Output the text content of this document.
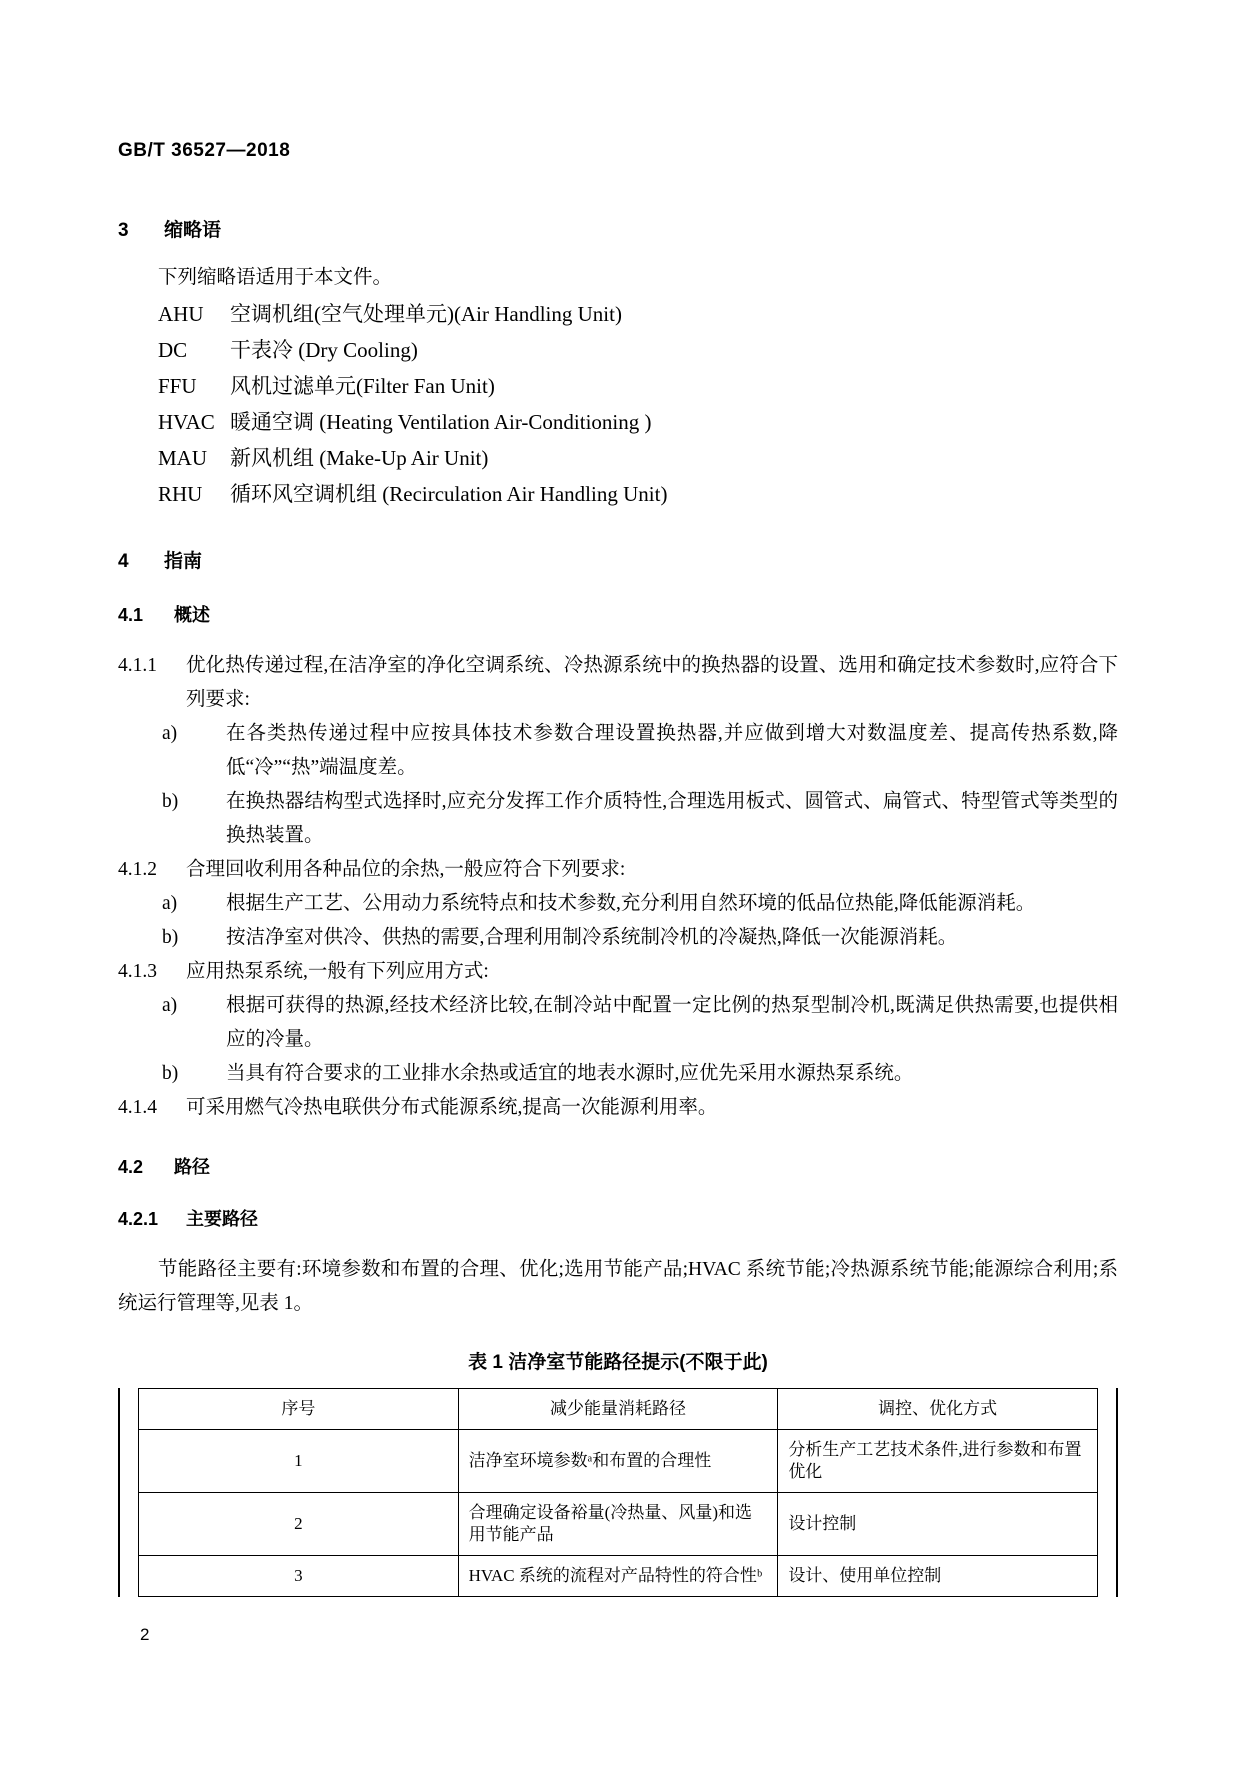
GB/T 36527—2018
3 缩略语
下列缩略语适用于本文件。
AHU 空调机组(空气处理单元)(Air Handling Unit)
DC 干表冷 (Dry Cooling)
FFU 风机过滤单元(Filter Fan Unit)
HVAC 暖通空调 (Heating Ventilation Air-Conditioning )
MAU 新风机组 (Make-Up Air Unit)
RHU 循环风空调机组 (Recirculation Air Handling Unit)
4 指南
4.1 概述
4.1.1	优化热传递过程,在洁净室的净化空调系统、冷热源系统中的换热器的设置、选用和确定技术参数时,应符合下列要求:
a)	在各类热传递过程中应按具体技术参数合理设置换热器,并应做到增大对数温度差、提高传热系数,降低“冷”“热”端温度差。
b)	在换热器结构型式选择时,应充分发挥工作介质特性,合理选用板式、圆管式、扁管式、特型管式等类型的换热装置。
4.1.2	合理回收利用各种品位的余热,一般应符合下列要求:
a)	根据生产工艺、公用动力系统特点和技术参数,充分利用自然环境的低品位热能,降低能源消耗。
b)	按洁净室对供冷、供热的需要,合理利用制冷系统制冷机的冷凝热,降低一次能源消耗。
4.1.3	应用热泵系统,一般有下列应用方式:
a)	根据可获得的热源,经技术经济比较,在制冷站中配置一定比例的热泵型制冷机,既满足供热需要,也提供相应的冷量。
b)	当具有符合要求的工业排水余热或适宜的地表水源时,应优先采用水源热泵系统。
4.1.4	可采用燃气冷热电联供分布式能源系统,提高一次能源利用率。
4.2 路径
4.2.1 主要路径
节能路径主要有:环境参数和布置的合理、优化;选用节能产品;HVAC 系统节能;冷热源系统节能;能源综合利用;系统运行管理等,见表 1。
表 1 洁净室节能路径提示(不限于此)
序号	减少能量消耗路径	调控、优化方式
1	洁净室环境参数ᵃ和布置的合理性	分析生产工艺技术条件,进行参数和布置优化
2	合理确定设备裕量(冷热量、风量)和选用节能产品	设计控制
3	HVAC 系统的流程对产品特性的符合性ᵇ	设计、使用单位控制
2
